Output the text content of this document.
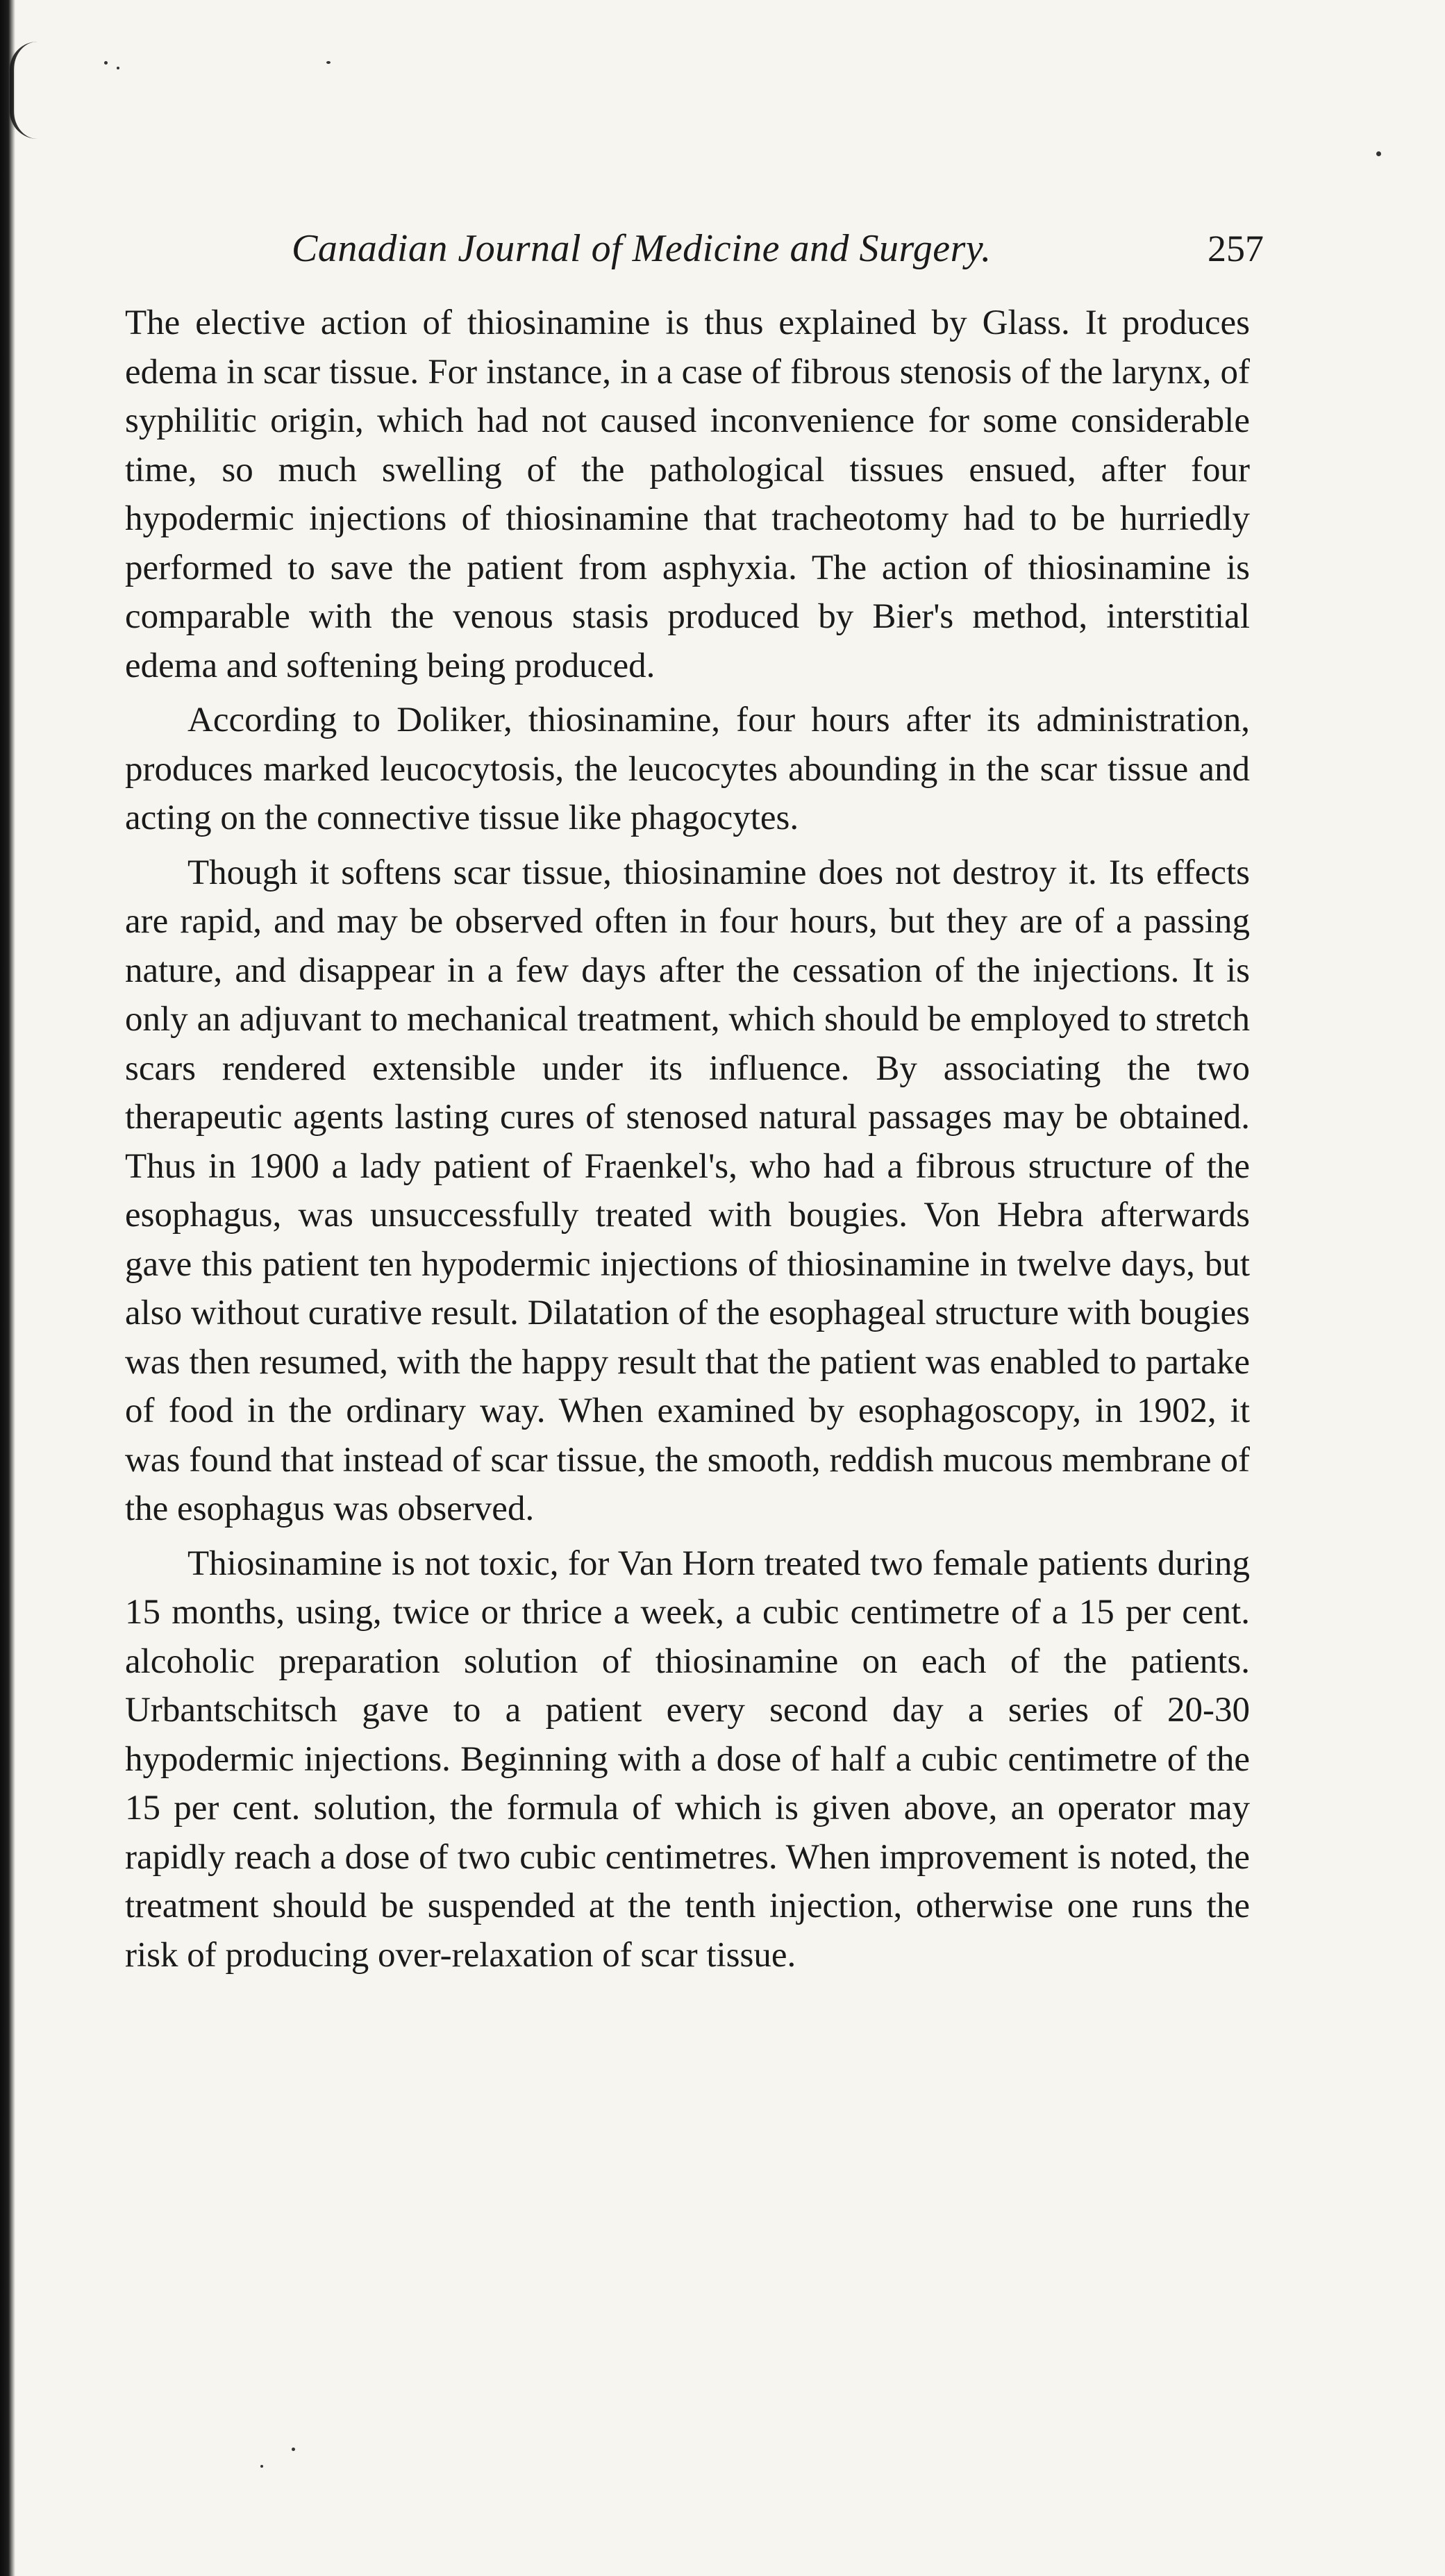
Canadian Journal of Medicine and Surgery.	257

The elective action of thiosinamine is thus explained by Glass. It produces edema in scar tissue. For instance, in a case of fibrous stenosis of the larynx, of syphilitic origin, which had not caused inconvenience for some considerable time, so much swelling of the pathological tissues ensued, after four hypodermic injections of thiosinamine that tracheotomy had to be hurriedly performed to save the patient from asphyxia. The action of thiosinamine is comparable with the venous stasis produced by Bier's method, interstitial edema and softening being produced.

According to Doliker, thiosinamine, four hours after its administration, produces marked leucocytosis, the leucocytes abounding in the scar tissue and acting on the connective tissue like phagocytes.

Though it softens scar tissue, thiosinamine does not destroy it. Its effects are rapid, and may be observed often in four hours, but they are of a passing nature, and disappear in a few days after the cessation of the injections. It is only an adjuvant to mechanical treatment, which should be employed to stretch scars rendered extensible under its influence. By associating the two therapeutic agents lasting cures of stenosed natural passages may be obtained. Thus in 1900 a lady patient of Fraenkel's, who had a fibrous structure of the esophagus, was unsuccessfully treated with bougies. Von Hebra afterwards gave this patient ten hypodermic injections of thiosinamine in twelve days, but also without curative result. Dilatation of the esophageal structure with bougies was then resumed, with the happy result that the patient was enabled to partake of food in the ordinary way. When examined by esophagoscopy, in 1902, it was found that instead of scar tissue, the smooth, reddish mucous membrane of the esophagus was observed.

Thiosinamine is not toxic, for Van Horn treated two female patients during 15 months, using, twice or thrice a week, a cubic centimetre of a 15 per cent. alcoholic preparation solution of thiosinamine on each of the patients. Urbantschitsch gave to a patient every second day a series of 20-30 hypodermic injections. Beginning with a dose of half a cubic centimetre of the 15 per cent. solution, the formula of which is given above, an operator may rapidly reach a dose of two cubic centimetres. When improvement is noted, the treatment should be suspended at the tenth injection, otherwise one runs the risk of producing over-relaxation of scar tissue.
